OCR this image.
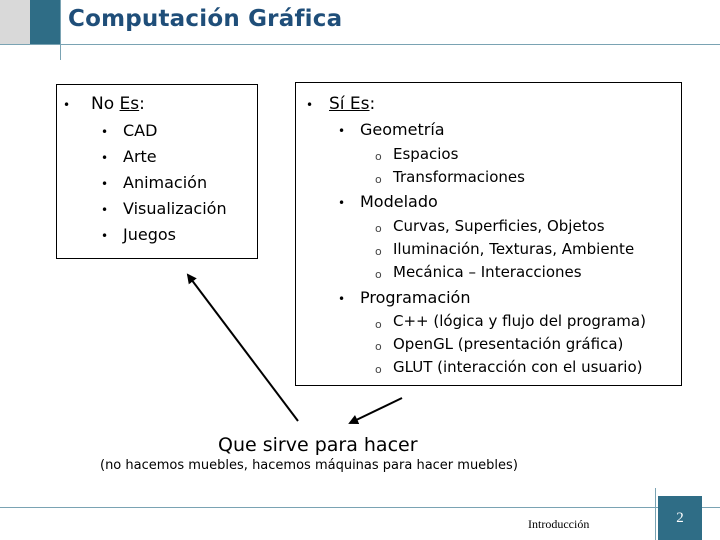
Computación Gráfica
• No Es:
• CAD
• Arte
• Animación
• Visualización
• Juegos
• Sí Es:
• Geometría
o Espacios
o Transformaciones
• Modelado
o Curvas, Superficies, Objetos
o Iluminación, Texturas, Ambiente
o Mecánica – Interacciones
• Programación
o C++ (lógica y flujo del programa)
o OpenGL (presentación gráfica)
o GLUT (interacción con el usuario)
Que sirve para hacer
(no hacemos muebles, hacemos máquinas para hacer muebles)
Introducción	2
